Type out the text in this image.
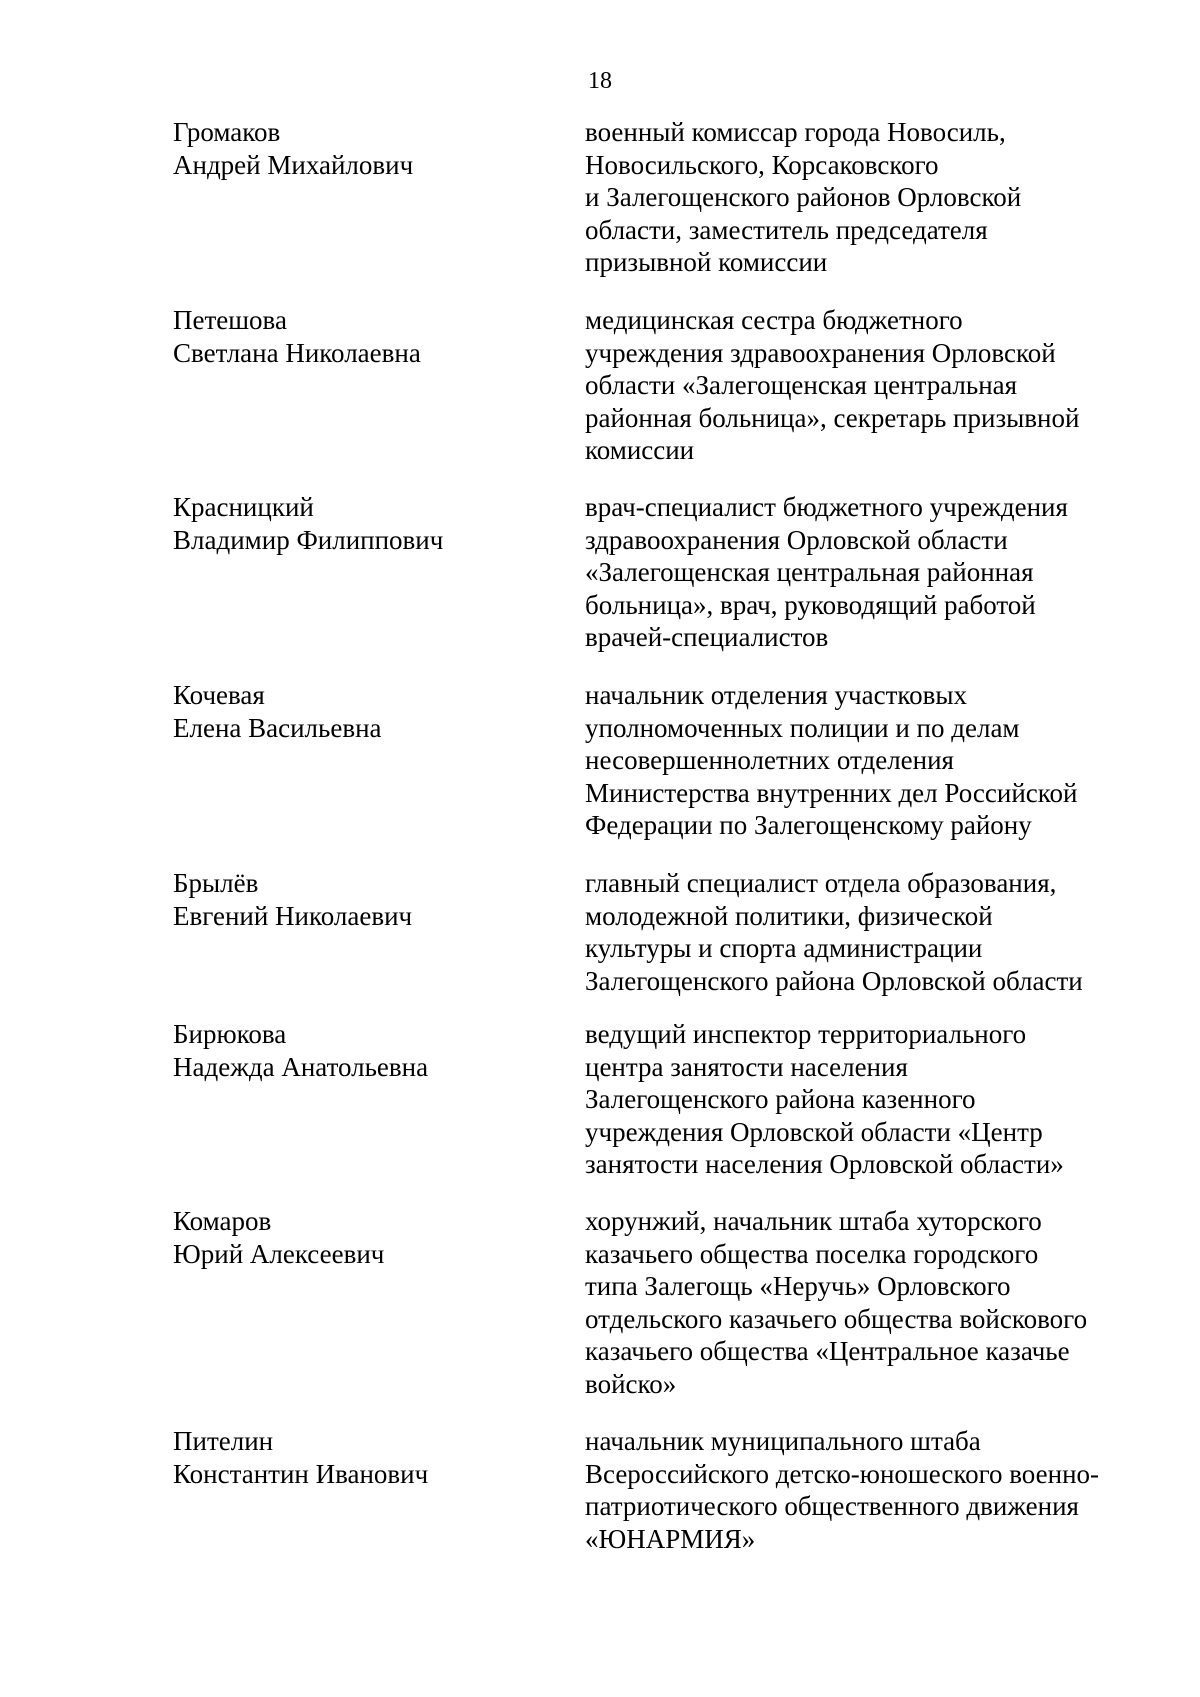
18
Громаков
Андрей Михайлович
военный комиссар города Новосиль,
Новосильского, Корсаковского
и Залегощенского районов Орловской
области, заместитель председателя
призывной комиссии
Петешова
Светлана Николаевна
медицинская сестра бюджетного
учреждения здравоохранения Орловской
области «Залегощенская центральная
районная больница», секретарь призывной
комиссии
Красницкий
Владимир Филиппович
врач-специалист бюджетного учреждения
здравоохранения Орловской области
«Залегощенская центральная районная
больница», врач, руководящий работой
врачей-специалистов
Кочевая
Елена Васильевна
начальник отделения участковых
уполномоченных полиции и по делам
несовершеннолетних отделения
Министерства внутренних дел Российской
Федерации по Залегощенскому району
Брылёв
Евгений Николаевич
главный специалист отдела образования,
молодежной политики, физической
культуры и спорта администрации
Залегощенского района Орловской области
Бирюкова
Надежда Анатольевна
ведущий инспектор территориального
центра занятости населения
Залегощенского района казенного
учреждения Орловской области «Центр
занятости населения Орловской области»
Комаров
Юрий Алексеевич
хорунжий, начальник штаба хуторского
казачьего общества поселка городского
типа Залегощь «Неручь» Орловского
отдельского казачьего общества войскового
казачьего общества «Центральное казачье
войско»
Пителин
Константин Иванович
начальник муниципального штаба
Всероссийского детско-юношеского военно-
патриотического общественного движения
«ЮНАРМИЯ»
